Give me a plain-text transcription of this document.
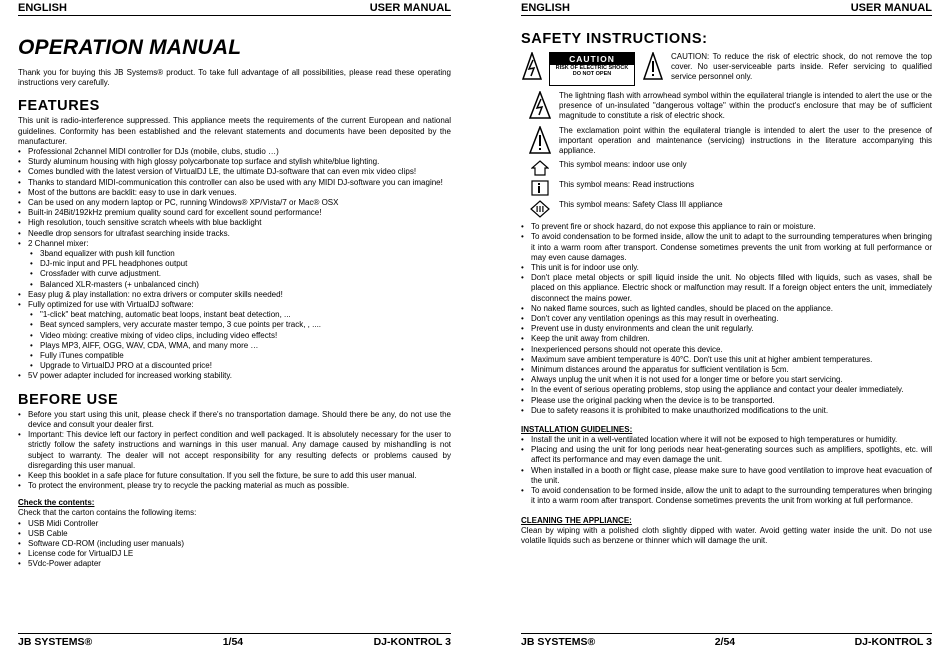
ENGLISH	USER MANUAL
OPERATION MANUAL

Thank you for buying this JB Systems® product. To take full advantage of all possibilities, please read these operating instructions very carefully.

FEATURES

This unit is radio-interference suppressed. This appliance meets the requirements of the current European and national guidelines. Conformity has been established and the relevant statements and documents have been deposited by the manufacturer.

• Professional 2channel MIDI controller for DJs (mobile, clubs, studio …)
• Sturdy aluminum housing with high glossy polycarbonate top surface and stylish white/blue lighting.
• Comes bundled with the latest version of VirtualDJ LE, the ultimate DJ-software that can even mix video clips!
• Thanks to standard MIDI-communication this controller can also be used with any MIDI DJ-software you can imagine!
• Most of the buttons are backlit: easy to use in dark venues.
• Can be used on any modern laptop or PC, running Windows® XP/Vista/7 or Mac® OSX
• Built-in 24Bit/192kHz premium quality sound card for excellent sound performance!
• High resolution, touch sensitive scratch wheels with blue backlight
• Needle drop sensors for ultrafast searching inside tracks.
• 2 Channel mixer:
• 3band equalizer with push kill function
• DJ-mic input and PFL headphones output
• Crossfader with curve adjustment.
• Balanced XLR-masters (+ unbalanced cinch)
• Easy plug & play installation: no extra drivers or computer skills needed!
• Fully optimized for use with VirtualDJ software:
• "1-click" beat matching, automatic beat loops, instant beat detection, ...
• Beat synced samplers, very accurate master tempo, 3 cue points per track, , ....
• Video mixing: creative mixing of video clips, including video effects!
• Plays MP3, AIFF, OGG, WAV, CDA, WMA, and many more …
• Fully iTunes compatible
• Upgrade to VirtualDJ PRO at a discounted price!
• 5V power adapter included for increased working stability.
BEFORE USE
• Before you start using this unit, please check if there's no transportation damage. Should there be any, do not use the device and consult your dealer first.
• Important: This device left our factory in perfect condition and well packaged. It is absolutely necessary for the user to strictly follow the safety instructions and warnings in this user manual. Any damage caused by mishandling is not subject to warranty. The dealer will not accept responsibility for any resulting defects or problems caused by disregarding this user manual.
• Keep this booklet in a safe place for future consultation. If you sell the fixture, be sure to add this user manual.
• To protect the environment, please try to recycle the packing material as much as possible.
Check the contents:

Check that the carton contains the following items:

• USB Midi Controller
• USB Cable
• Software CD-ROM (including user manuals)
• License code for VirtualDJ LE
• 5Vdc-Power adapter
JB SYSTEMS®	1/54	DJ-KONTROL 3
ENGLISH	USER MANUAL
SAFETY INSTRUCTIONS:
CAUTION
RISK OF ELECTRIC SHOCK
DO NOT OPEN
CAUTION: To reduce the risk of electric shock, do not remove the top cover. No user-serviceable parts inside. Refer servicing to qualified service personnel only.
The lightning flash with arrowhead symbol within the equilateral triangle is intended to alert the use or the presence of un-insulated "dangerous voltage" within the product's enclosure that may be of sufficient magnitude to constitute a risk of electric shock.
The exclamation point within the equilateral triangle is intended to alert the user to the presence of important operation and maintenance (servicing) instructions in the literature accompanying this appliance.
This symbol means: indoor use only
This symbol means: Read instructions
This symbol means: Safety Class III appliance
• To prevent fire or shock hazard, do not expose this appliance to rain or moisture.
• To avoid condensation to be formed inside, allow the unit to adapt to the surrounding temperatures when bringing it into a warm room after transport. Condense sometimes prevents the unit from working at full performance or may even cause damages.
• This unit is for indoor use only.
• Don't place metal objects or spill liquid inside the unit. No objects filled with liquids, such as vases, shall be placed on this appliance. Electric shock or malfunction may result. If a foreign object enters the unit, immediately disconnect the mains power.
• No naked flame sources, such as lighted candles, should be placed on the appliance.
• Don't cover any ventilation openings as this may result in overheating.
• Prevent use in dusty environments and clean the unit regularly.
• Keep the unit away from children.
• Inexperienced persons should not operate this device.
• Maximum save ambient temperature is 40°C. Don't use this unit at higher ambient temperatures.
• Minimum distances around the apparatus for sufficient ventilation is 5cm.
• Always unplug the unit when it is not used for a longer time or before you start servicing.
• In the event of serious operating problems, stop using the appliance and contact your dealer immediately.
• Please use the original packing when the device is to be transported.
• Due to safety reasons it is prohibited to make unauthorized modifications to the unit.
INSTALLATION GUIDELINES:
• Install the unit in a well-ventilated location where it will not be exposed to high temperatures or humidity.
• Placing and using the unit for long periods near heat-generating sources such as amplifiers, spotlights, etc. will affect its performance and may even damage the unit.
• When installed in a booth or flight case, please make sure to have good ventilation to improve heat evacuation of the unit.
• To avoid condensation to be formed inside, allow the unit to adapt to the surrounding temperatures when bringing it into a warm room after transport. Condense sometimes prevents the unit from working at full performance.
CLEANING THE APPLIANCE:

Clean by wiping with a polished cloth slightly dipped with water. Avoid getting water inside the unit. Do not use volatile liquids such as benzene or thinner which will damage the unit.

JB SYSTEMS®	2/54	DJ-KONTROL 3
